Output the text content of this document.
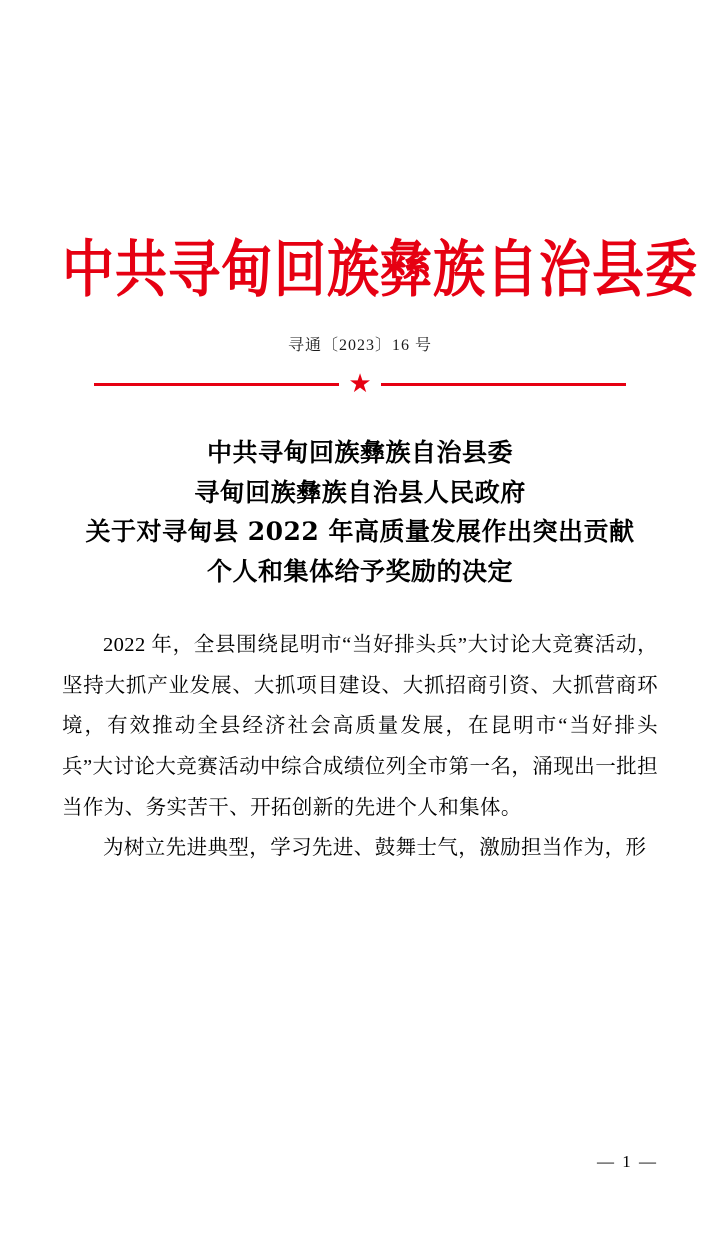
中共寻甸回族彝族自治县委
寻通〔2023〕16 号
★
中共寻甸回族彝族自治县委
寻甸回族彝族自治县人民政府
关于对寻甸县 2022 年高质量发展作出突出贡献
个人和集体给予奖励的决定

2022 年，全县围绕昆明市“当好排头兵”大讨论大竞赛活动，坚持大抓产业发展、大抓项目建设、大抓招商引资、大抓营商环境，有效推动全县经济社会高质量发展，在昆明市“当好排头兵”大讨论大竞赛活动中综合成绩位列全市第一名，涌现出一批担当作为、务实苦干、开拓创新的先进个人和集体。

为树立先进典型，学习先进、鼓舞士气，激励担当作为，形

— 1 —
